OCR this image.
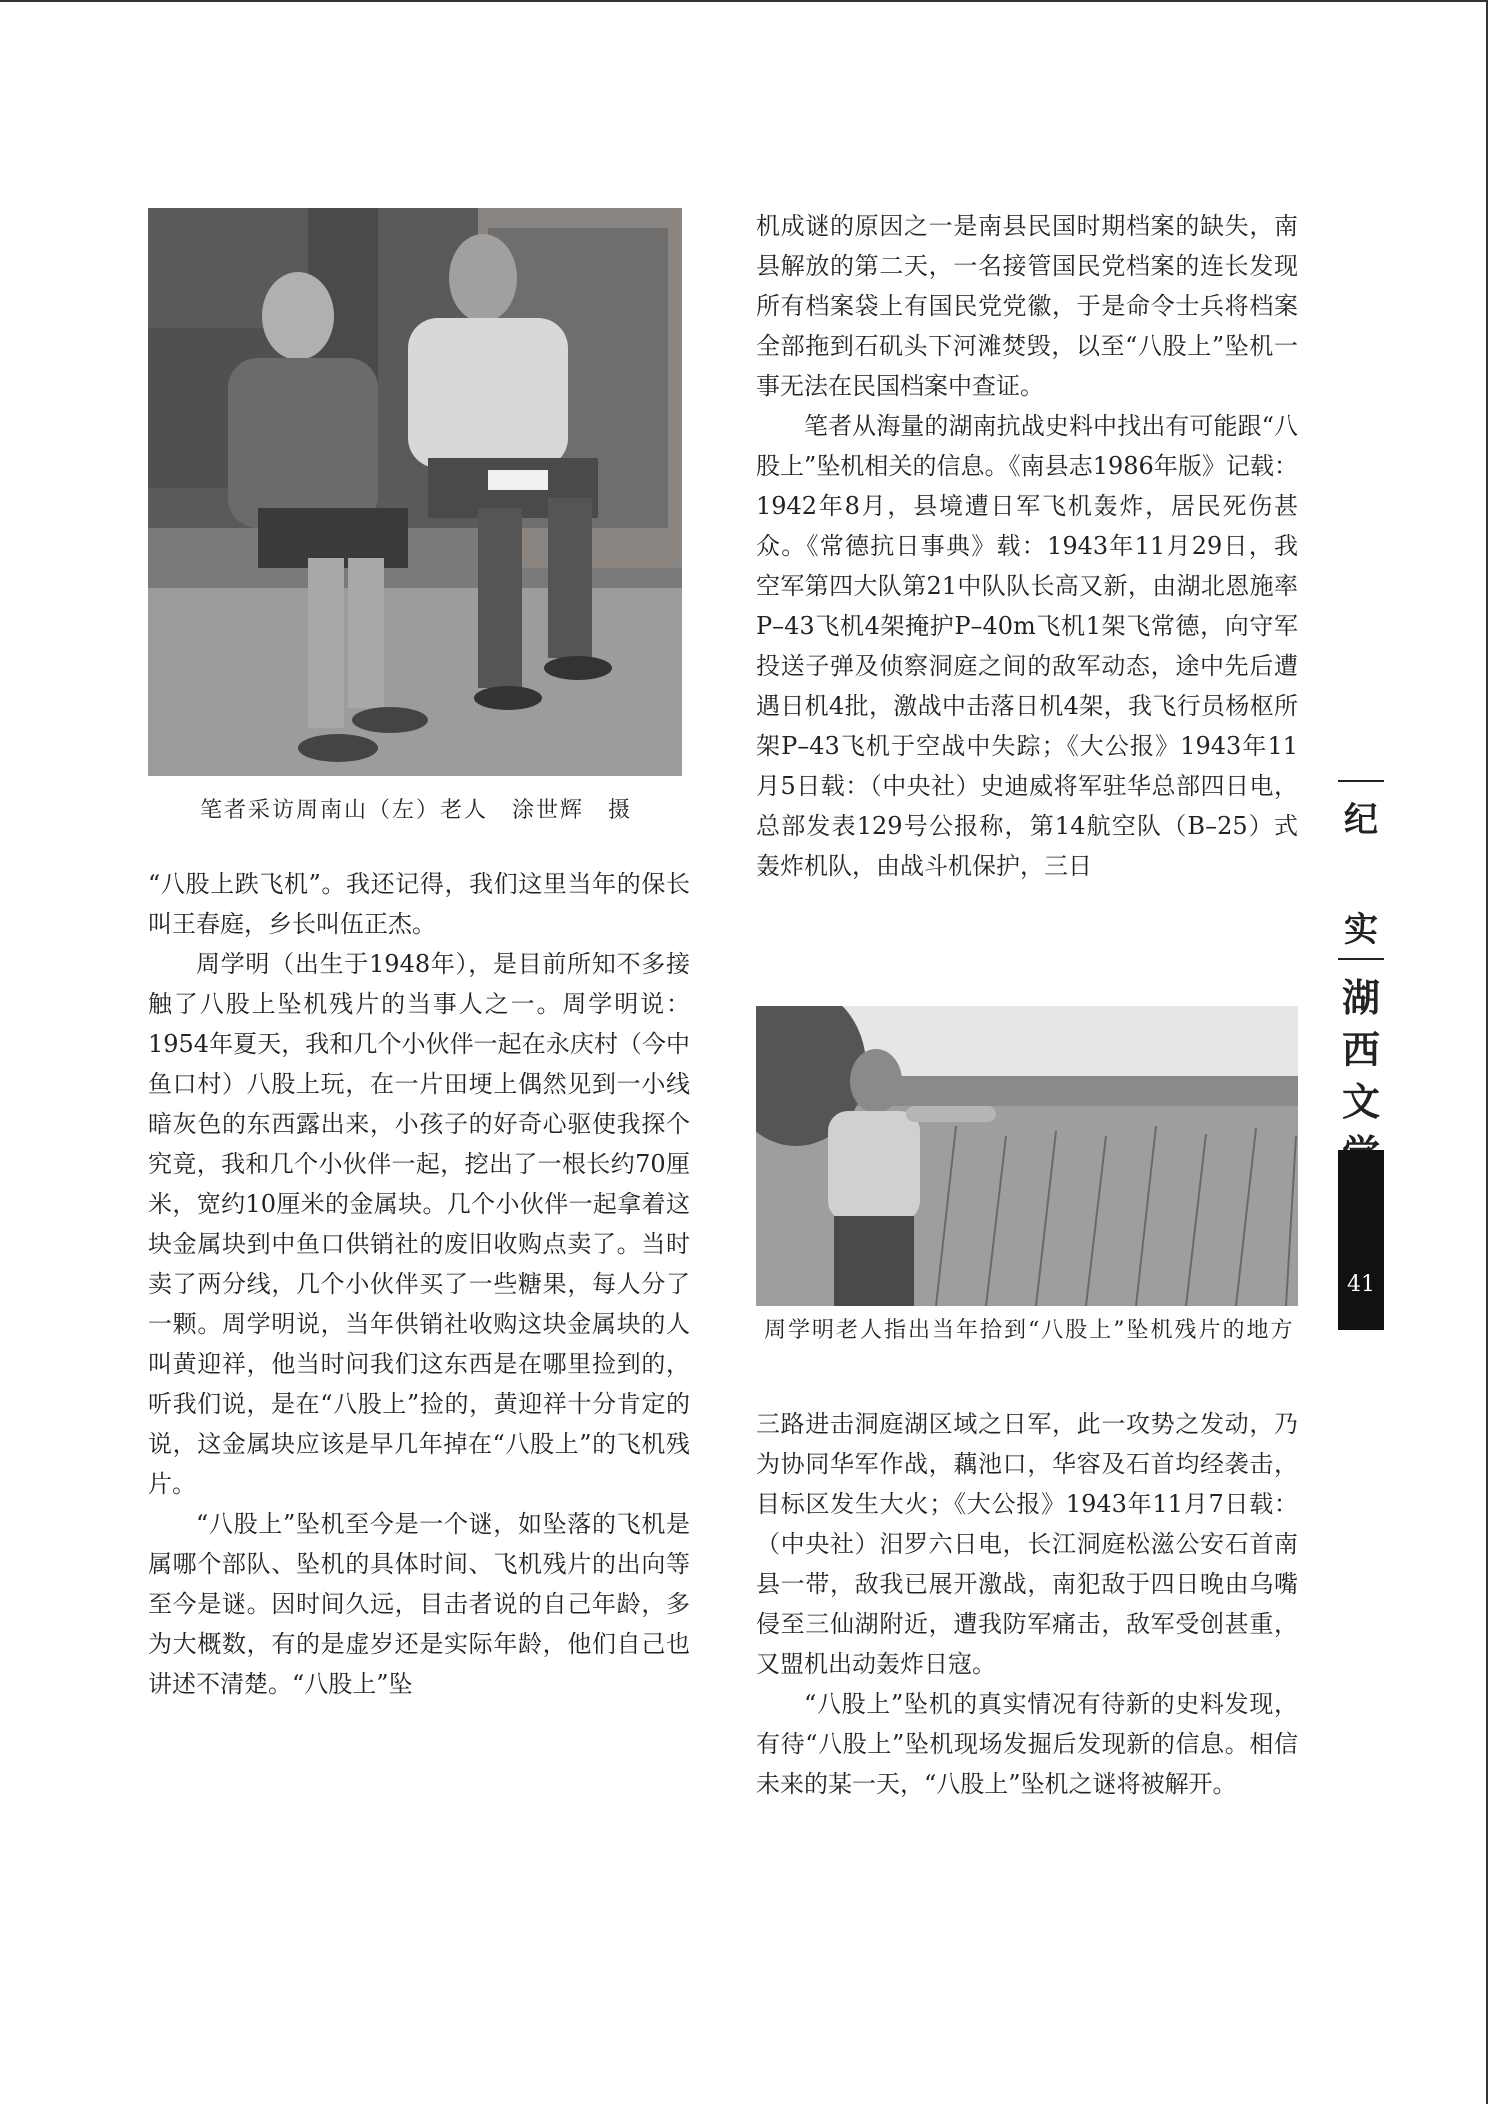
笔者采访周南山（左）老人　涂世辉　摄

“八股上跌飞机”。我还记得，我们这里当年的保长叫王春庭，乡长叫伍正杰。

周学明（出生于1948年），是目前所知不多接触了八股上坠机残片的当事人之一。周学明说：1954年夏天，我和几个小伙伴一起在永庆村（今中鱼口村）八股上玩，在一片田埂上偶然见到一小线暗灰色的东西露出来，小孩子的好奇心驱使我探个究竟，我和几个小伙伴一起，挖出了一根长约70厘米，宽约10厘米的金属块。几个小伙伴一起拿着这块金属块到中鱼口供销社的废旧收购点卖了。当时卖了两分线，几个小伙伴买了一些糖果，每人分了一颗。周学明说，当年供销社收购这块金属块的人叫黄迎祥，他当时问我们这东西是在哪里捡到的，听我们说，是在“八股上”捡的，黄迎祥十分肯定的说，这金属块应该是早几年掉在“八股上”的飞机残片。

“八股上”坠机至今是一个谜，如坠落的飞机是属哪个部队、坠机的具体时间、飞机残片的出向等至今是谜。因时间久远，目击者说的自己年龄，多为大概数，有的是虚岁还是实际年龄，他们自己也讲述不清楚。“八股上”坠

机成谜的原因之一是南县民国时期档案的缺失，南县解放的第二天，一名接管国民党档案的连长发现所有档案袋上有国民党党徽，于是命令士兵将档案全部拖到石矶头下河滩焚毁，以至“八股上”坠机一事无法在民国档案中查证。

笔者从海量的湖南抗战史料中找出有可能跟“八股上”坠机相关的信息。《南县志1986年版》记载：1942年8月，县境遭日军飞机轰炸，居民死伤甚众。《常德抗日事典》载：1943年11月29日，我空军第四大队第21中队队长高又新，由湖北恩施率P–43飞机4架掩护P–40m飞机1架飞常德，向守军投送子弹及侦察洞庭之间的敌军动态，途中先后遭遇日机4批，激战中击落日机4架，我飞行员杨枢所架P–43飞机于空战中失踪；《大公报》1943年11月5日载：（中央社）史迪威将军驻华总部四日电，总部发表129号公报称，第14航空队（B–25）式轰炸机队，由战斗机保护，三日

周学明老人指出当年拾到“八股上”坠机残片的地方

三路进击洞庭湖区域之日军，此一攻势之发动，乃为协同华军作战，藕池口，华容及石首均经袭击，目标区发生大火；《大公报》1943年11月7日载：（中央社）汨罗六日电，长江洞庭松滋公安石首南县一带，敌我已展开激战，南犯敌于四日晚由乌嘴侵至三仙湖附近，遭我防军痛击，敌军受创甚重，又盟机出动轰炸日寇。

“八股上”坠机的真实情况有待新的史料发现，有待“八股上”坠机现场发掘后发现新的信息。相信未来的某一天，“八股上”坠机之谜将被解开。

纪
实
湖西文
41
